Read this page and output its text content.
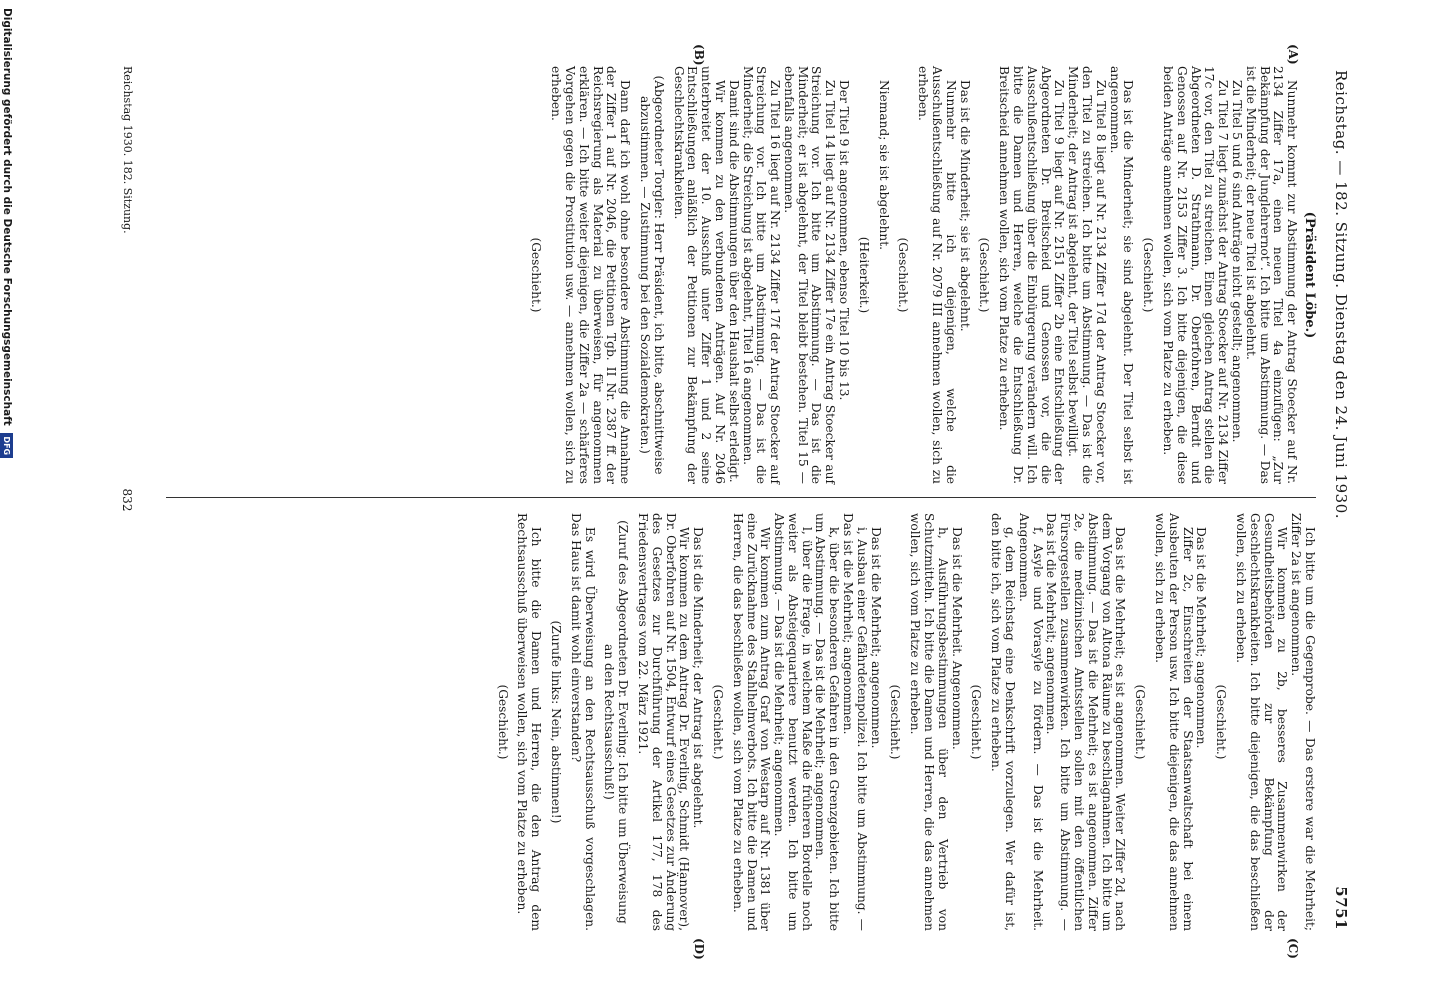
Reichstag. — 182. Sitzung. Dienstag den 24. Juni 1930.
5751
(A)
(B)
(C)
(D)

(Präsident Löbe.)

Nunmehr kommt zur Abstimmung der Antrag Stoecker auf Nr. 2134 Ziffer 17a, einen neuen Titel 4a einzufügen: „Zur Bekämpfung der Junglehrernot“. Ich bitte um Abstimmung. — Das ist die Minderheit; der neue Titel ist abgelehnt.

Zu Titel 5 und 6 sind Anträge nicht gestellt; angenommen.

Zu Titel 7 liegt zunächst der Antrag Stoecker auf Nr. 2134 Ziffer 17c vor, den Titel zu streichen. Einen gleichen Antrag stellen die Abgeordneten D. Strathmann, Dr. Oberfohren, Berndt und Genossen auf Nr. 2153 Ziffer 3. Ich bitte diejenigen, die diese beiden Anträge annehmen wollen, sich vom Platze zu erheben.

(Geschieht.)

Das ist die Minderheit; sie sind abgelehnt. Der Titel selbst ist angenommen.

Zu Titel 8 liegt auf Nr. 2134 Ziffer 17d der Antrag Stoecker vor, den Titel zu streichen. Ich bitte um Abstimmung. — Das ist die Minderheit; der Antrag ist abgelehnt, der Titel selbst bewilligt.

Zu Titel 9 liegt auf Nr. 2151 Ziffer 2b eine Entschließung der Abgeordneten Dr. Breitscheid und Genossen vor, die die Ausschußentschließung über die Einbürgerung verändern will. Ich bitte die Damen und Herren, welche die Entschließung Dr. Breitscheid annehmen wollen, sich vom Platze zu erheben.

(Geschieht.)

Das ist die Minderheit; sie ist abgelehnt.

Nunmehr bitte ich diejenigen, welche die Ausschußentschließung auf Nr. 2079 III annehmen wollen, sich zu erheben.

(Geschieht.)

Niemand; sie ist abgelehnt.

(Heiterkeit.)

Der Titel 9 ist angenommen, ebenso Titel 10 bis 13.

Zu Titel 14 liegt auf Nr. 2134 Ziffer 17e ein Antrag Stoecker auf Streichung vor. Ich bitte um Abstimmung. — Das ist die Minderheit; er ist abgelehnt, der Titel bleibt bestehen. Titel 15 — ebenfalls angenommen.

Zu Titel 16 liegt auf Nr. 2134 Ziffer 17f der Antrag Stoecker auf Streichung vor. Ich bitte um Abstimmung. — Das ist die Minderheit; die Streichung ist abgelehnt, Titel 16 angenommen.

Damit sind die Abstimmungen über den Haushalt selbst erledigt.

Wir kommen zu den verbundenen Anträgen. Auf Nr. 2046 unterbreitet der 10. Ausschuß unter Ziffer 1 und 2 seine Entschließungen anläßlich der Petitionen zur Bekämpfung der Geschlechtskrankheiten.

(Abgeordneter Torgler: Herr Präsident, ich bitte, abschnittweise abzustimmen. — Zustimmung bei den Sozialdemokraten.)

Dann darf ich wohl ohne besondere Abstimmung die Annahme der Ziffer 1 auf Nr. 2046, die Petitionen Tgb. II Nr. 2387 ff. der Reichsregierung als Material zu überweisen, für angenommen erklären. — Ich bitte weiter diejenigen, die Ziffer 2a — schärferes Vorgehen gegen die Prostitution usw. — annehmen wollen, sich zu erheben.

(Geschieht.)

Ich bitte um die Gegenprobe. — Das erstere war die Mehrheit; Ziffer 2a ist angenommen.

Wir kommen zu 2b, besseres Zusammenwirken der Gesundheitsbehörden zur Bekämpfung der Geschlechtskrankheiten. Ich bitte diejenigen, die das beschließen wollen, sich zu erheben.

(Geschieht.)

Das ist die Mehrheit; angenommen.

Ziffer 2c, Einschreiten der Staatsanwaltschaft bei einem Ausbeuten der Person usw. Ich bitte diejenigen, die das annehmen wollen, sich zu erheben.

(Geschieht.)

Das ist die Mehrheit; es ist angenommen. Weiter Ziffer 2d, nach dem Vorgang von Altona Räume zu beschlagnahmen. Ich bitte um Abstimmung. — Das ist die Mehrheit; es ist angenommen. Ziffer 2e, die medizinischen Amtsstellen sollen mit den öffentlichen Fürsorgestellen zusammenwirken. Ich bitte um Abstimmung. — Das ist die Mehrheit; angenommen.

f, Asyle und Vorasyle zu fördern. — Das ist die Mehrheit. Angenommen.

g, dem Reichstag eine Denkschrift vorzulegen. Wer dafür ist, den bitte ich, sich vom Platze zu erheben.

(Geschieht.)

Das ist die Mehrheit. Angenommen.

h, Ausführungsbestimmungen über den Vertrieb von Schutzmitteln. Ich bitte die Damen und Herren, die das annehmen wollen, sich vom Platze zu erheben.

(Geschieht.)

Das ist die Mehrheit; angenommen.

i, Ausbau einer Gefährdetenpolizei. Ich bitte um Abstimmung. — Das ist die Mehrheit; angenommen.

k, über die besonderen Gefahren in den Grenzgebieten. Ich bitte um Abstimmung. — Das ist die Mehrheit; angenommen.

l, über die Frage, in welchem Maße die früheren Bordelle noch weiter als Absteigequartiere benutzt werden. Ich bitte um Abstimmung. — Das ist die Mehrheit; angenommen.

Wir kommen zum Antrag Graf von Westarp auf Nr. 1381 über eine Zurücknahme des Stahlhelmverbots. Ich bitte die Damen und Herren, die das beschließen wollen, sich vom Platze zu erheben.

(Geschieht.)

Das ist die Minderheit; der Antrag ist abgelehnt.

Wir kommen zu dem Antrag Dr. Everling, Schmidt (Hannover), Dr. Oberfohren auf Nr. 1504, Entwurf eines Gesetzes zur Änderung des Gesetzes zur Durchführung der Artikel 177, 178 des Friedensvertrages vom 22. März 1921.

(Zuruf des Abgeordneten Dr. Everling: Ich bitte um Überweisung an den Rechtsausschuß!)

Es wird Überweisung an den Rechtsausschuß vorgeschlagen. Das Haus ist damit wohl einverstanden?

(Zurufe links: Nein, abstimmen!)

Ich bitte die Damen und Herren, die den Antrag dem Rechtsausschuß überweisen wollen, sich vom Platze zu erheben.

(Geschieht.)

Reichstag 1930. 182. Sitzung.
832
Digitalisierung gefördert durch die Deutsche Forschungsgemeinschaft DFG
